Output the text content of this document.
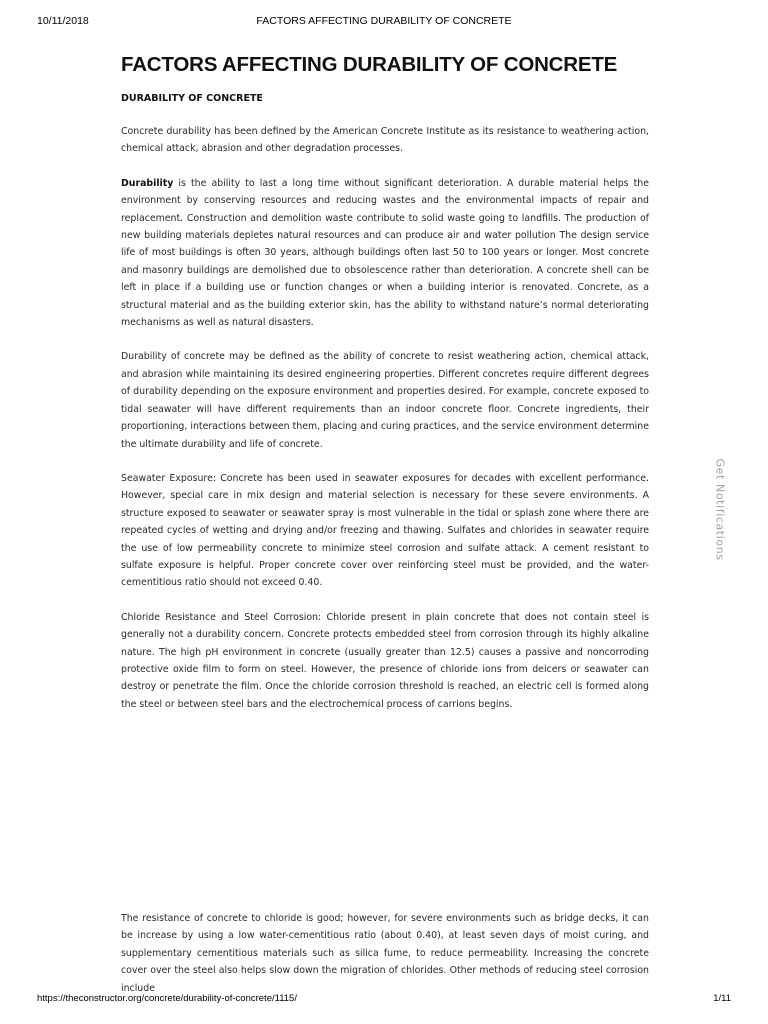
10/11/2018	FACTORS AFFECTING DURABILITY OF CONCRETE
FACTORS AFFECTING DURABILITY OF CONCRETE
DURABILITY OF CONCRETE

Concrete durability has been defined by the American Concrete Institute as its resistance to weathering action, chemical attack, abrasion and other degradation processes.

Durability is the ability to last a long time without significant deterioration. A durable material helps the environment by conserving resources and reducing wastes and the environmental impacts of repair and replacement. Construction and demolition waste contribute to solid waste going to landfills. The production of new building materials depletes natural resources and can produce air and water pollution The design service life of most buildings is often 30 years, although buildings often last 50 to 100 years or longer. Most concrete and masonry buildings are demolished due to obsolescence rather than deterioration. A concrete shell can be left in place if a building use or function changes or when a building interior is renovated. Concrete, as a structural material and as the building exterior skin, has the ability to withstand nature’s normal deteriorating mechanisms as well as natural disasters.

Durability of concrete may be defined as the ability of concrete to resist weathering action, chemical attack, and abrasion while maintaining its desired engineering properties. Different concretes require different degrees of durability depending on the exposure environment and properties desired. For example, concrete exposed to tidal seawater will have different requirements than an indoor concrete floor. Concrete ingredients, their proportioning, interactions between them, placing and curing practices, and the service environment determine the ultimate durability and life of concrete.

Seawater Exposure: Concrete has been used in seawater exposures for decades with excellent performance. However, special care in mix design and material selection is necessary for these severe environments. A structure exposed to seawater or seawater spray is most vulnerable in the tidal or splash zone where there are repeated cycles of wetting and drying and/or freezing and thawing. Sulfates and chlorides in seawater require the use of low permeability concrete to minimize steel corrosion and sulfate attack. A cement resistant to sulfate exposure is helpful. Proper concrete cover over reinforcing steel must be provided, and the water-cementitious ratio should not exceed 0.40.

Chloride Resistance and Steel Corrosion: Chloride present in plain concrete that does not contain steel is generally not a durability concern. Concrete protects embedded steel from corrosion through its highly alkaline nature. The high pH environment in concrete (usually greater than 12.5) causes a passive and noncorroding protective oxide film to form on steel. However, the presence of chloride ions from deicers or seawater can destroy or penetrate the film. Once the chloride corrosion threshold is reached, an electric cell is formed along the steel or between steel bars and the electrochemical process of carrions begins.

The resistance of concrete to chloride is good; however, for severe environments such as bridge decks, it can be increase by using a low water-cementitious ratio (about 0.40), at least seven days of moist curing, and supplementary cementitious materials such as silica fume, to reduce permeability. Increasing the concrete cover over the steel also helps slow down the migration of chlorides. Other methods of reducing steel corrosion include

Get Notifications
https://theconstructor.org/concrete/durability-of-concrete/1115/	1/11
